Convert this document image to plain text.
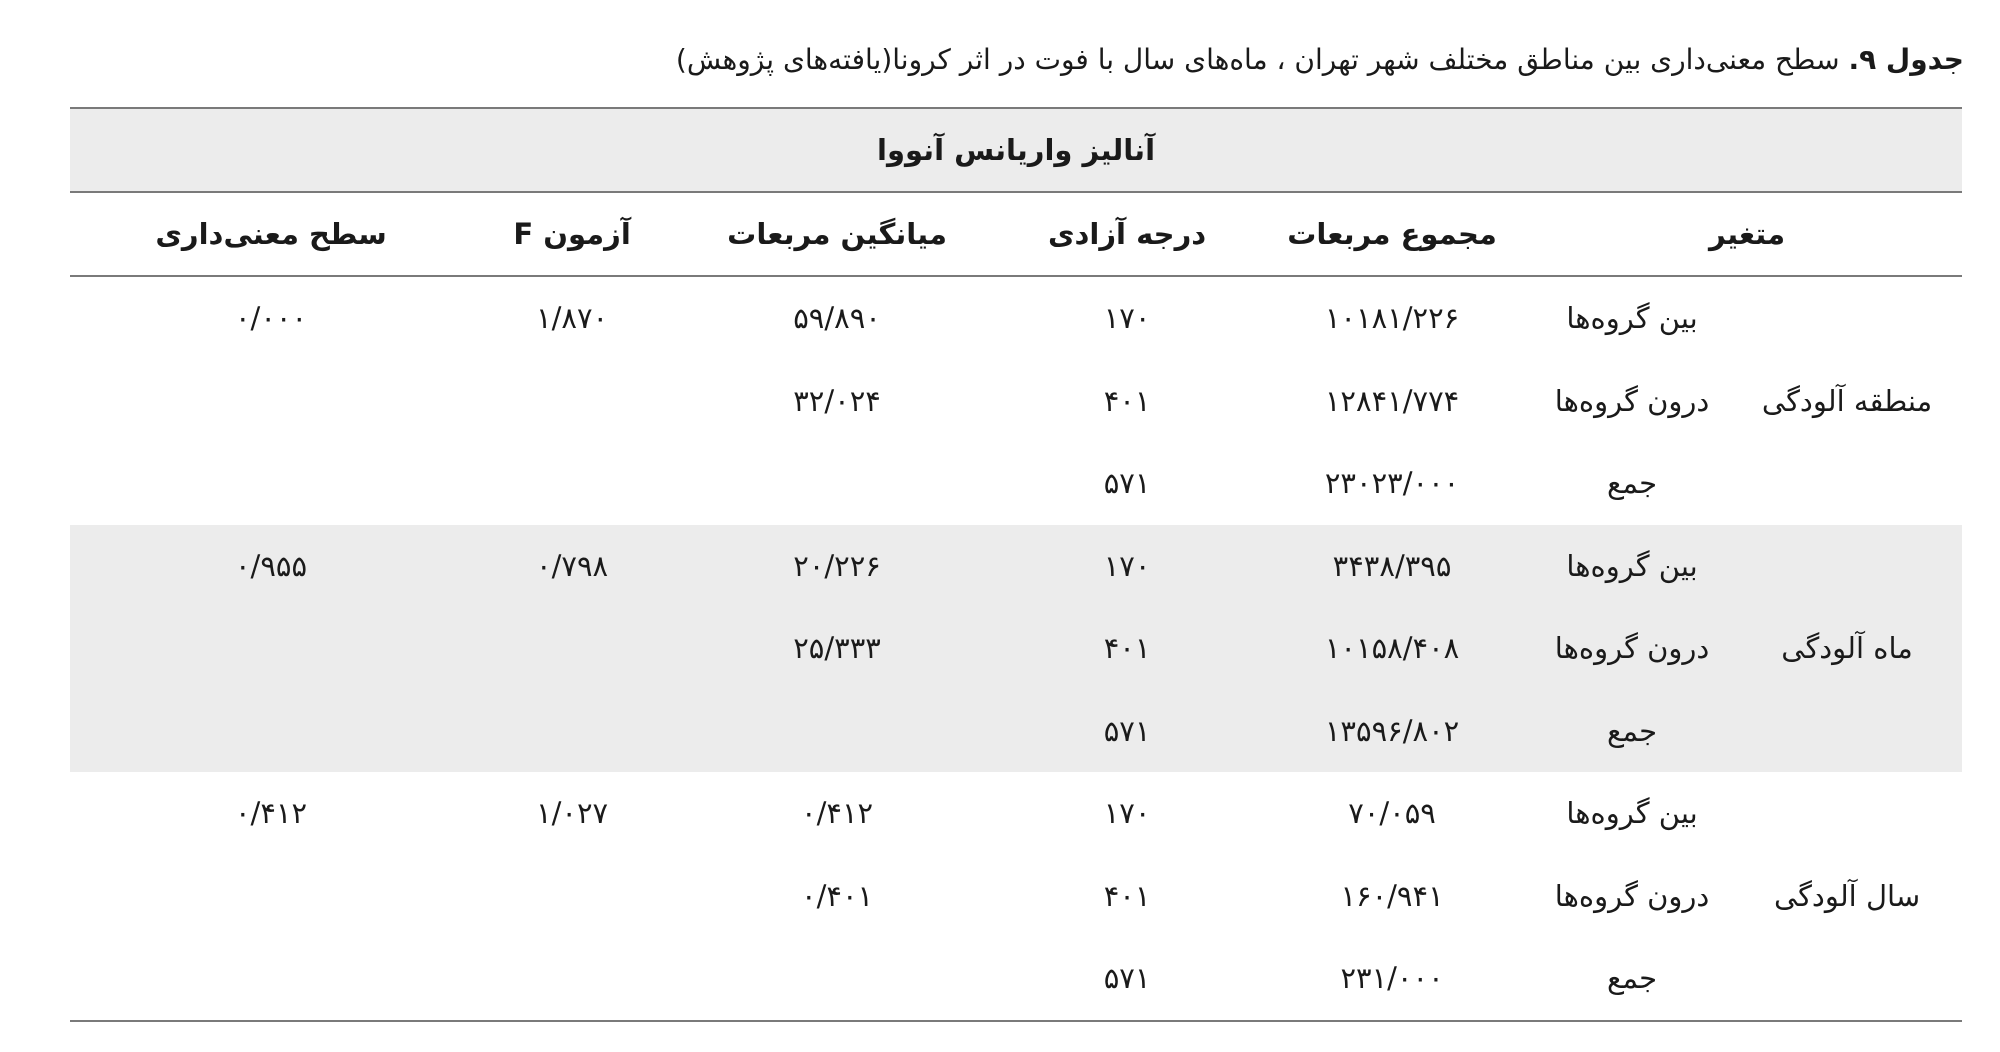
جدول ۹. سطح معنی‌داری بین مناطق مختلف شهر تهران ، ماه‌های سال با فوت در اثر کرونا(یافته‌های پژوهش)
آنالیز واریانس آنووا						
متغیر		مجموع مربعات	درجه آزادی	میانگین مربعات	آزمون F	سطح معنی‌داری
منطقه آلودگی	بین گروه‌ها	۱۰۱۸۱/۲۲۶	۱۷۰	۵۹/۸۹۰	۱/۸۷۰	۰/۰۰۰
	درون گروه‌ها	۱۲۸۴۱/۷۷۴	۴۰۱	۳۲/۰۲۴		
	جمع	۲۳۰۲۳/۰۰۰	۵۷۱			
ماه آلودگی	بین گروه‌ها	۳۴۳۸/۳۹۵	۱۷۰	۲۰/۲۲۶	۰/۷۹۸	۰/۹۵۵
	درون گروه‌ها	۱۰۱۵۸/۴۰۸	۴۰۱	۲۵/۳۳۳		
	جمع	۱۳۵۹۶/۸۰۲	۵۷۱			
سال آلودگی	بین گروه‌ها	۷۰/۰۵۹	۱۷۰	۰/۴۱۲	۱/۰۲۷	۰/۴۱۲
	درون گروه‌ها	۱۶۰/۹۴۱	۴۰۱	۰/۴۰۱		
	جمع	۲۳۱/۰۰۰	۵۷۱			
